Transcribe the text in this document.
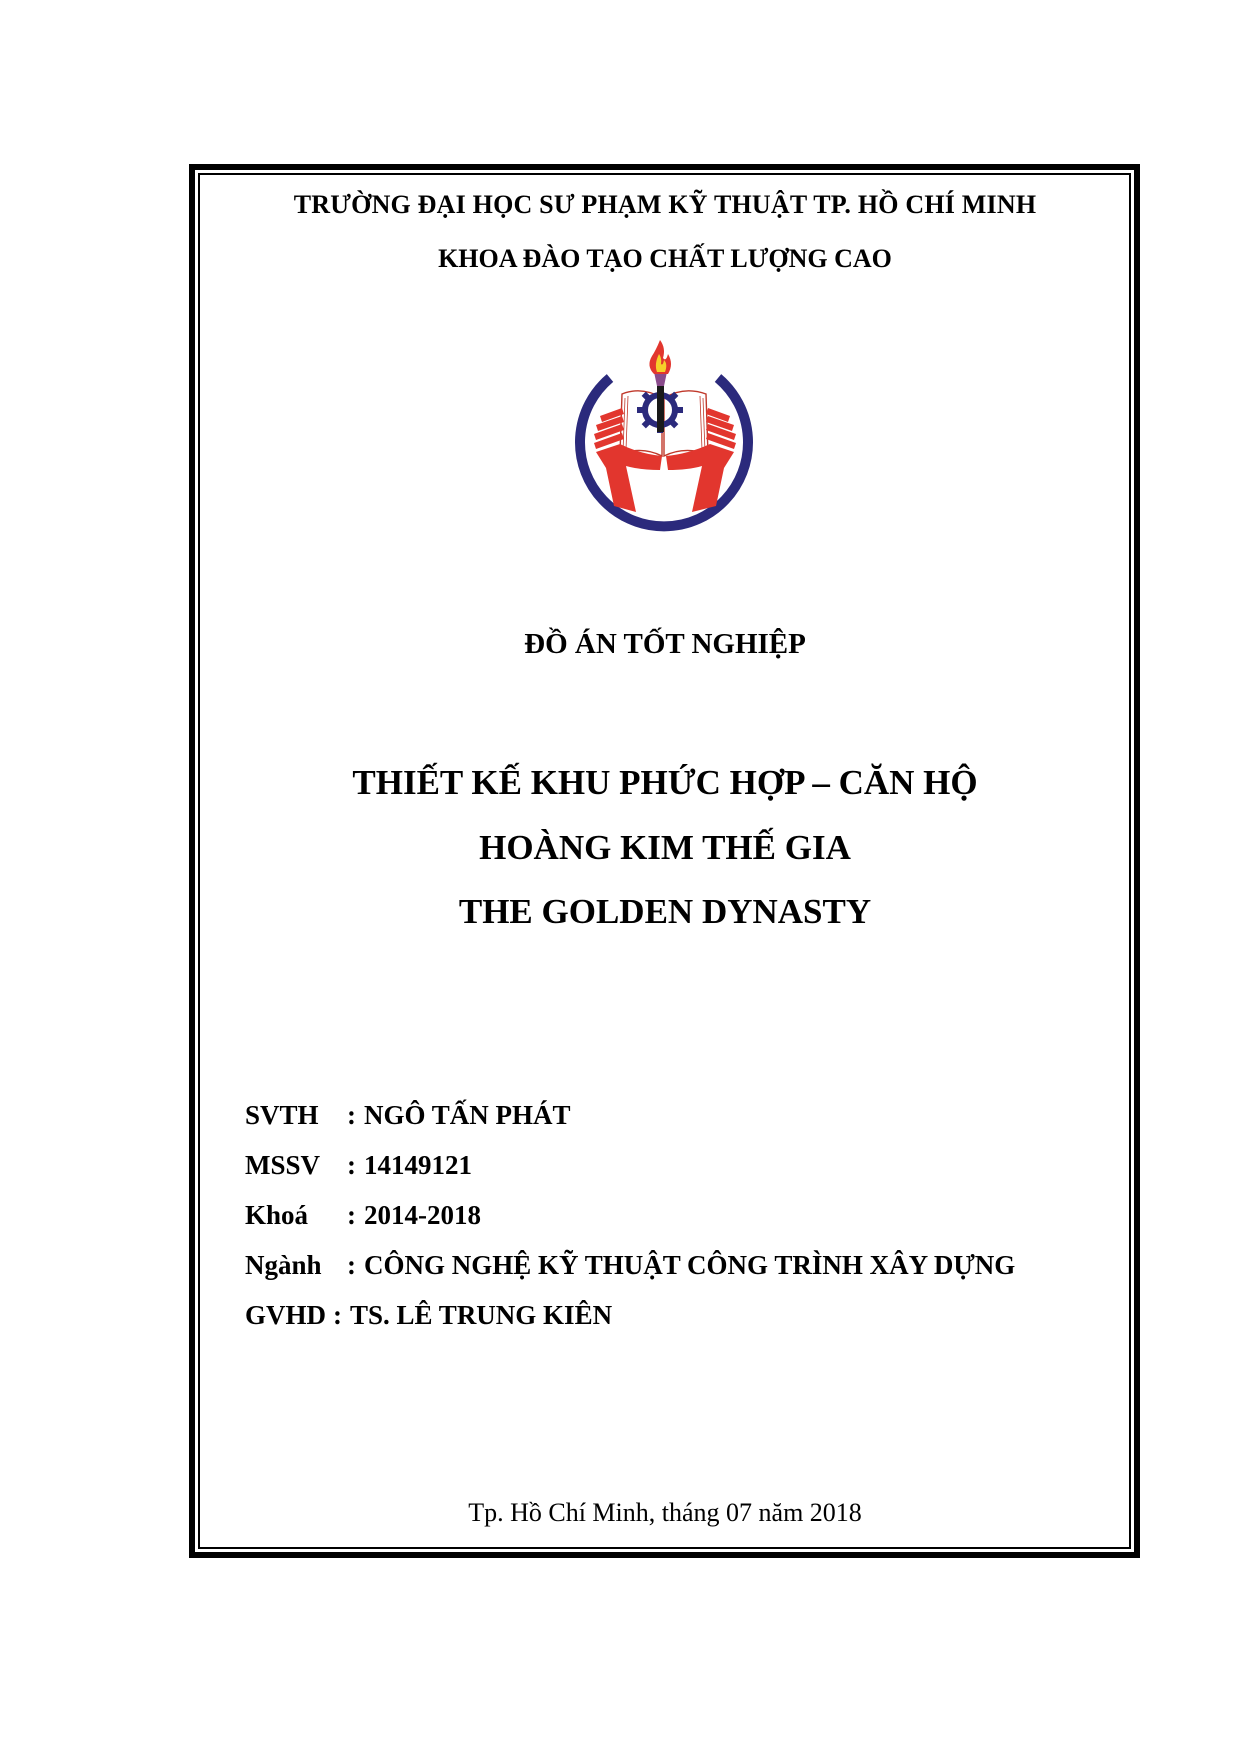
TRƯỜNG ĐẠI HỌC SƯ PHẠM KỸ THUẬT TP. HỒ CHÍ MINH
KHOA ĐÀO TẠO CHẤT LƯỢNG CAO
ĐỒ ÁN TỐT NGHIỆP
THIẾT KẾ KHU PHỨC HỢP – CĂN HỘ
HOÀNG KIM THẾ GIA
THE GOLDEN DYNASTY
SVTH	: NGÔ TẤN PHÁT
MSSV : 14149121
Khoá	: 2014-2018
Ngành : CÔNG NGHỆ KỸ THUẬT CÔNG TRÌNH XÂY DỰNG
GVHD : TS. LÊ TRUNG KIÊN
Tp. Hồ Chí Minh, tháng 07 năm 2018
